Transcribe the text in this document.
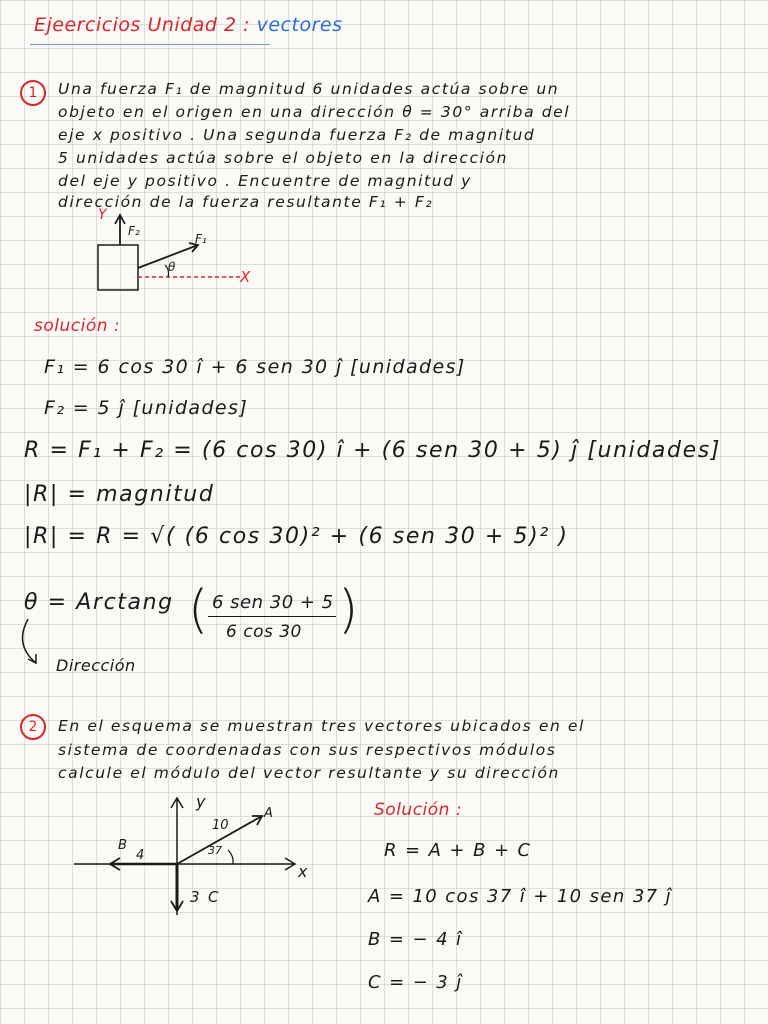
Ejeercicios Unidad 2 : vectores
1	Una fuerza F₁ de magnitud 6 unidades actúa sobre un
objeto en el origen en una dirección θ = 30° arriba del
eje x positivo . Una segunda fuerza F₂ de magnitud
5 unidades actúa sobre el objeto en la dirección
del eje y positivo . Encuentre de magnitud y
dirección de la fuerza resultante F₁ + F₂
Y
F₂
F₁
θ
X
solución :
F₁ = 6 cos 30 î + 6 sen 30 ĵ [unidades]
F₂ = 5 ĵ [unidades]
R = F₁ + F₂ = (6 cos 30) î + (6 sen 30 + 5) ĵ [unidades]
|R| = magnitud
|R| = R = √( (6 cos 30)² + (6 sen 30 + 5)² )
θ = Arctang ( 6 sen 30 + 5
6 cos 30 )
Dirección
2	En el esquema se muestran tres vectores ubicados en el
sistema de coordenadas con sus respectivos módulos
calcule el módulo del vector resultante y su dirección
y
x
A
10
37
B
4
3 C
Solución :
R = A + B + C
A = 10 cos 37 î + 10 sen 37 ĵ
B = − 4 î
C = − 3 ĵ
